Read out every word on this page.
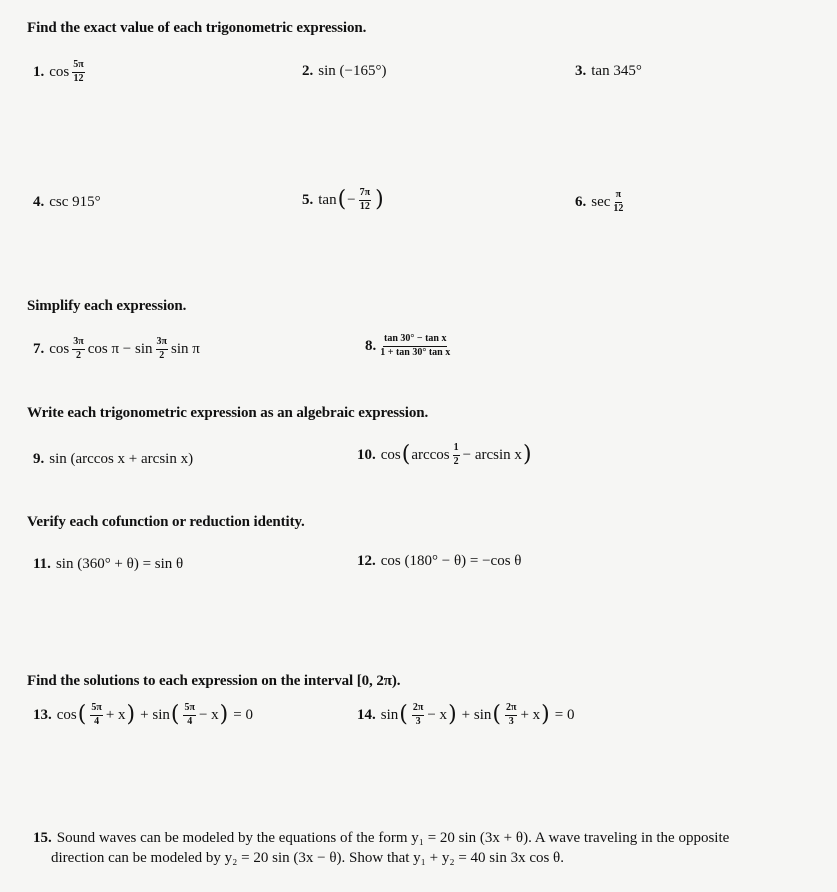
Find the exact value of each trigonometric expression.
1. $\cos \frac{5\pi}{12}$	2. sin (−165°)	3. tan 345°
4. csc 915°	5. tan ( − $\frac{7\pi}{12}$ )	6. $\sec \frac{\pi}{12}$
Simplify each expression.
7. $\cos \frac{3\pi}{2}$ $\cos \pi - \sin \frac{3\pi}{2}$ sin π	8. $\frac{\text{tan 30° − tan x}}{\text{1 + tan 30° tan x}}$
Write each trigonometric expression as an algebraic expression.
9. sin (arccos x + arcsin x)	10. cos ( $\arccos \frac{1}{2} - \arcsin x$ )
Verify each cofunction or reduction identity.
11. sin (360° + θ) = sin θ	12. cos (180° − θ) = −cos θ
Find the solutions to each expression on the interval [0, 2π).
13. cos ( $\frac{5\pi}{4} + x$ ) + sin ( $\frac{5\pi}{4} - x$ ) = 0	14. sin ( $\frac{2\pi}{3} - x$ ) + sin ( $\frac{2\pi}{3} + x$ ) = 0
15. Sound waves can be modeled by the equations of the form y₁ = 20 sin (3x + θ). A wave traveling in the opposite
direction can be modeled by y₂ = 20 sin (3x − θ). Show that y₁ + y₂ = 40 sin 3x cos θ.
